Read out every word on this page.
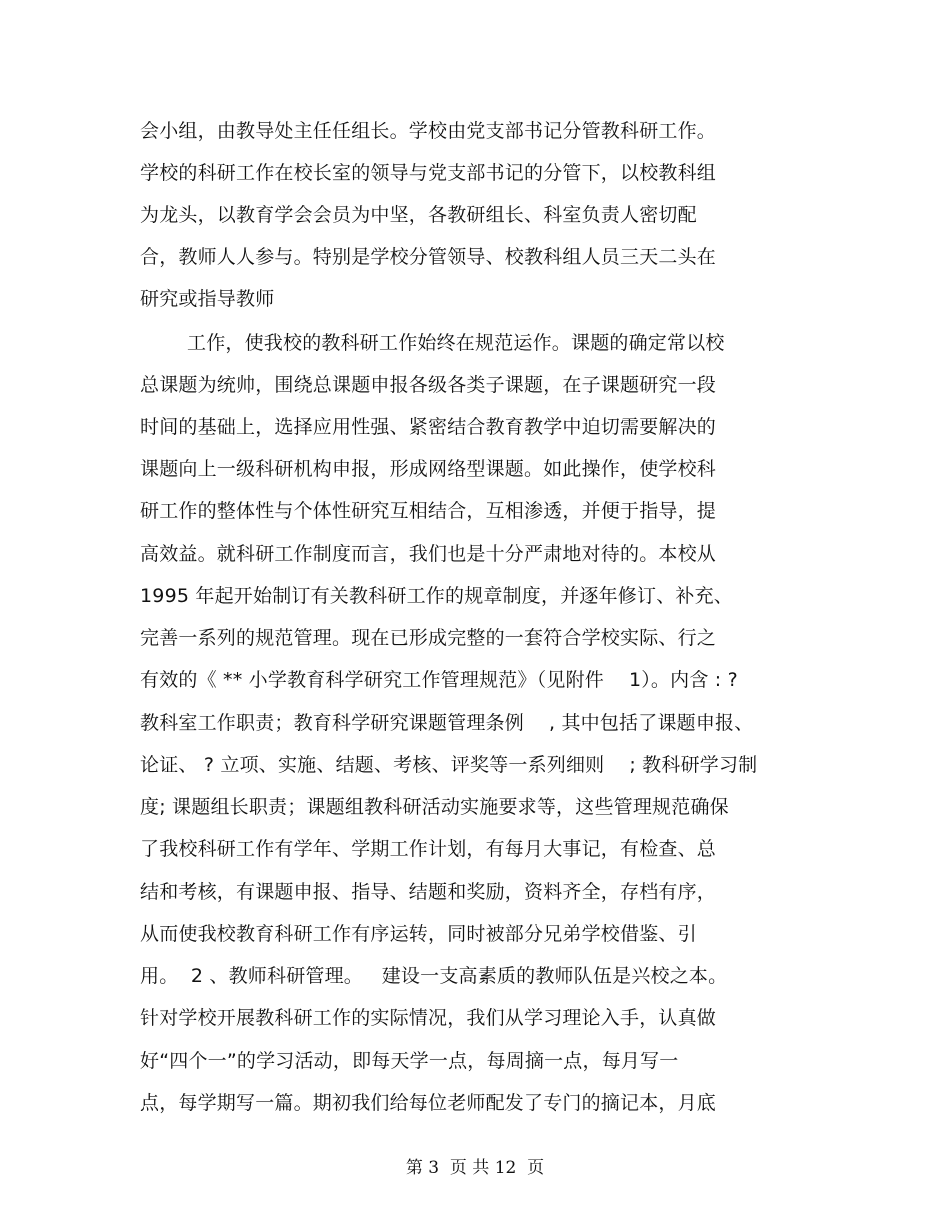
会小组，由教导处主任任组长。学校由党支部书记分管教科研工作。
学校的科研工作在校长室的领导与党支部书记的分管下，以校教科组
为龙头，以教育学会会员为中坚，各教研组长、科室负责人密切配
合，教师人人参与。特别是学校分管领导、校教科组人员三天二头在
研究或指导教师
工作，使我校的教科研工作始终在规范运作。课题的确定常以校
总课题为统帅，围绕总课题申报各级各类子课题，在子课题研究一段
时间的基础上，选择应用性强、紧密结合教育教学中迫切需要解决的
课题向上一级科研机构申报，形成网络型课题。如此操作，使学校科
研工作的整体性与个体性研究互相结合，互相渗透，并便于指导，提
高效益。就科研工作制度而言，我们也是十分严肃地对待的。本校从
1995 年起开始制订有关教科研工作的规章制度，并逐年修订、补充、
完善一系列的规范管理。现在已形成完整的一套符合学校实际、行之
有效的《 ** 小学教育科学研究工作管理规范》（见附件    1）。内含 : ?
教科室工作职责；教育科学研究课题管理条例    , 其中包括了课题申报、
论证、 ? 立项、实施、结题、考核、评奖等一系列细则    ; 教科研学习制
度; 课题组长职责；课题组教科研活动实施要求等，这些管理规范确保
了我校科研工作有学年、学期工作计划，有每月大事记，有检查、总
结和考核，有课题申报、指导、结题和奖励，资料齐全，存档有序，
从而使我校教育科研工作有序运转，同时被部分兄弟学校借鉴、引
用。  2 、教师科研管理。   建设一支高素质的教师队伍是兴校之本。
针对学校开展教科研工作的实际情况，我们从学习理论入手，认真做
好“四个一”的学习活动，即每天学一点，每周摘一点，每月写一
点，每学期写一篇。期初我们给每位老师配发了专门的摘记本，月底
第 3  页 共 12  页
